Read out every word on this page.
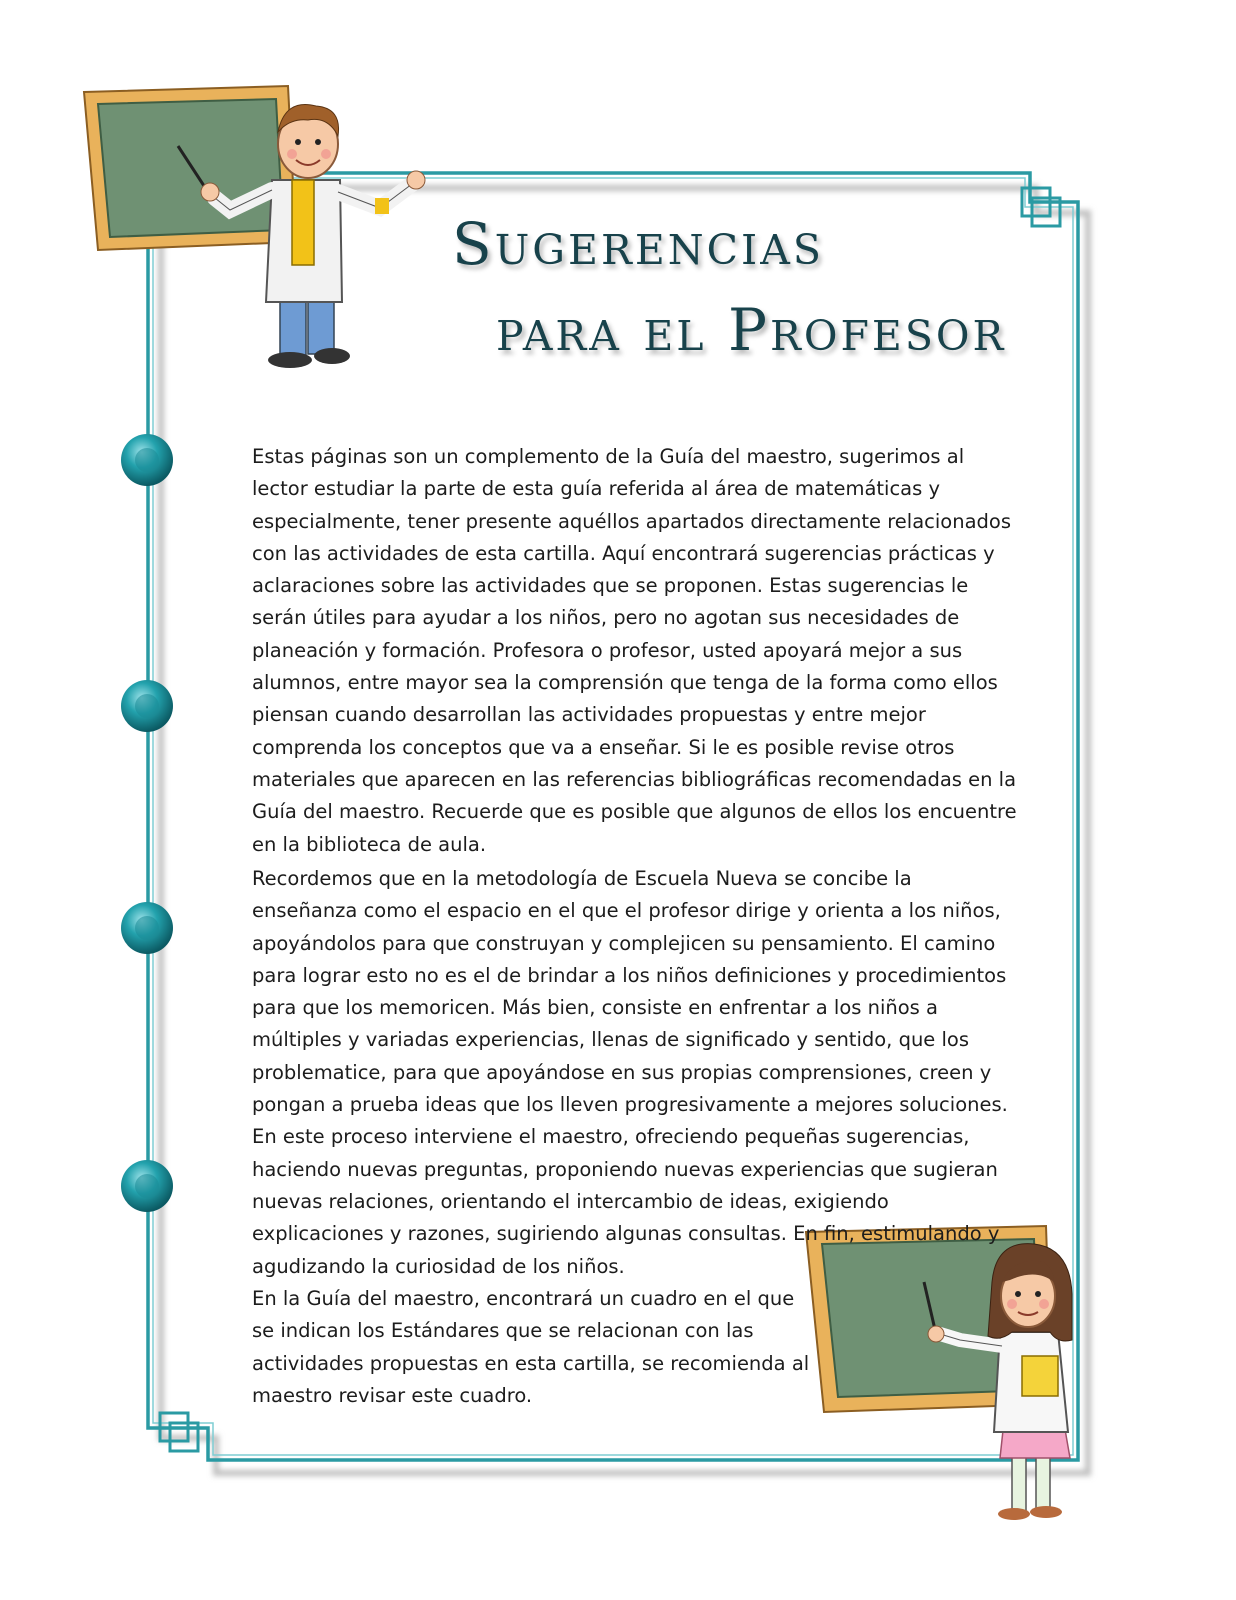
Sugerencias
para el Profesor

Estas páginas son un complemento de la Guía del maestro, sugerimos al lector estudiar la parte de esta guía referida al área de matemáticas y especialmente, tener presente aquéllos apartados directamente relacionados con las actividades de esta cartilla. Aquí encontrará sugerencias prácticas y aclaraciones sobre las actividades que se proponen. Estas sugerencias le serán útiles para ayudar a los niños, pero no agotan sus necesidades de planeación y formación. Profesora o profesor, usted apoyará mejor a sus alumnos, entre mayor sea la comprensión que tenga de la forma como ellos piensan cuando desarrollan las actividades propuestas y entre mejor comprenda los conceptos que va a enseñar. Si le es posible revise otros materiales que aparecen en las referencias bibliográficas recomendadas en la Guía del maestro. Recuerde que es posible que algunos de ellos los encuentre en la biblioteca de aula.

Recordemos que en la metodología de Escuela Nueva se concibe la enseñanza como el espacio en el que el profesor dirige y orienta a los niños, apoyándolos para que construyan y complejicen su pensamiento. El camino para lograr esto no es el de brindar a los niños definiciones y procedimientos para que los memoricen. Más bien, consiste en enfrentar a los niños a múltiples y variadas experiencias, llenas de significado y sentido, que los problematice, para que apoyándose en sus propias comprensiones, creen y pongan a prueba ideas que los lleven progresivamente a mejores soluciones. En este proceso interviene el maestro, ofreciendo pequeñas sugerencias, haciendo nuevas preguntas, proponiendo nuevas experiencias que sugieran nuevas relaciones, orientando el intercambio de ideas, exigiendo explicaciones y razones, sugiriendo algunas consultas. En fin, estimulando y agudizando la curiosidad de los niños.

En la Guía del maestro, encontrará un cuadro en el que se indican los Estándares que se relacionan con las actividades propuestas en esta cartilla, se recomienda al maestro revisar este cuadro.
